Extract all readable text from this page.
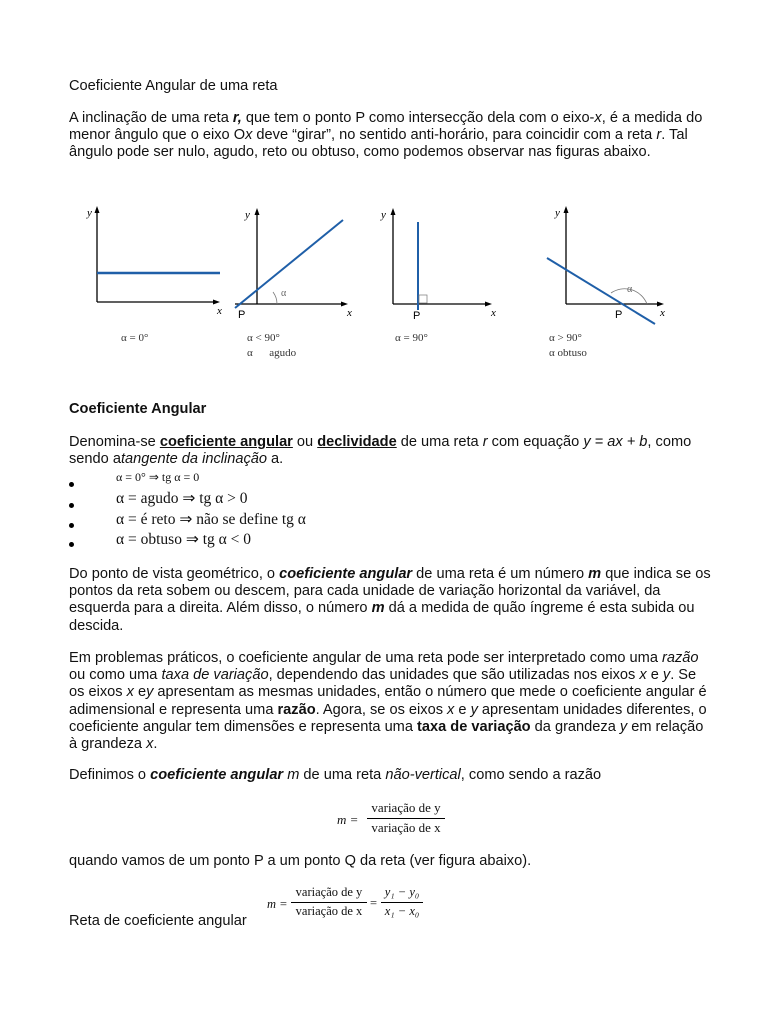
Coeficiente Angular de uma reta
A inclinação de uma reta r, que tem o ponto P como intersecção dela com o eixo-x, é a medida do menor ângulo que o eixo Ox deve “girar”, no sentido anti-horário, para coincidir com a reta r. Tal ângulo pode ser nulo, agudo, reto ou obtuso, como podemos observar nas figuras abaixo.
y
x
α = 0°
y
x
P
α
α < 90°
α      agudo
y
x
P
α = 90°
y
x
P
α
α > 90°
α obtuso
Coeficiente Angular
Denomina-se coeficiente angular ou declividade de uma reta r com equação y = ax + b, como sendo atangente da inclinação a.
α = 0° ⇒ tg α = 0
α = agudo ⇒ tg α > 0
α = é reto ⇒ não se define tg α
α = obtuso ⇒ tg α < 0
Do ponto de vista geométrico, o coeficiente angular de uma reta é um número m que indica se os pontos da reta sobem ou descem, para cada unidade de variação horizontal da variável, da esquerda para a direita. Além disso, o número m dá a medida de quão íngreme é esta subida ou descida.
Em problemas práticos, o coeficiente angular de uma reta pode ser interpretado como uma razão ou como uma taxa de variação, dependendo das unidades que são utilizadas nos eixos x e y. Se os eixos x ey apresentam as mesmas unidades, então o número que mede o coeficiente angular é adimensional e representa uma razão. Agora, se os eixos x e y apresentam unidades diferentes, o coeficiente angular tem dimensões e representa uma taxa de variação da grandeza y em relação à grandeza x.
Definimos o coeficiente angular m de uma reta não-vertical, como sendo a razão
m =
variação de y
variação de x
quando vamos de um ponto P a um ponto Q da reta (ver figura abaixo).
m =
variação de y
variação de x
=
y₁ − y₀
x₁ − x₀
Reta de coeficiente angular
